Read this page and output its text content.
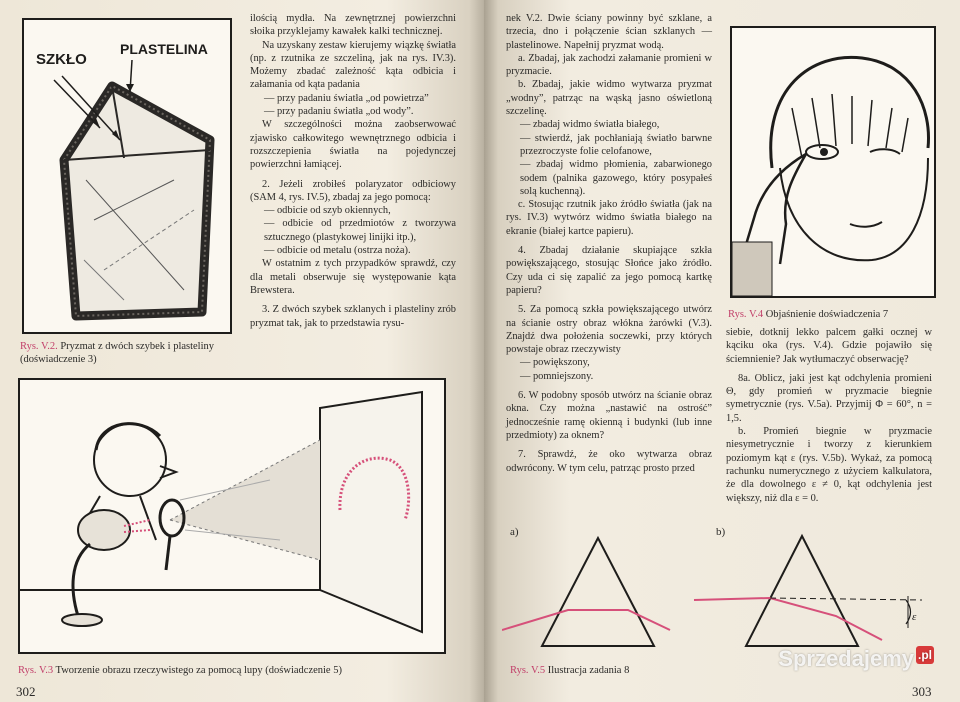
SZKŁO
PLASTELINA
Rys. V.2. Pryzmat z dwóch szybek i plasteliny (doświadczenie 3)

ilością mydła. Na zewnętrznej powierzchni słoika przyklejamy kawałek kalki technicznej.

Na uzyskany zestaw kierujemy wiązkę światła (np. z rzutnika ze szczeliną, jak na rys. IV.3). Możemy zbadać zależność kąta odbicia i załamania od kąta padania

— przy padaniu światła „od powietrza”

— przy padaniu światła „od wody”.

W szczególności można zaobserwować zjawisko całkowitego wewnętrznego odbicia i rozszczepienia światła na pojedynczej powierzchni łamiącej.

2. Jeżeli zrobiłeś polaryzator odbiciowy (SAM 4, rys. IV.5), zbadaj za jego pomocą:

— odbicie od szyb okiennych,

— odbicie od przedmiotów z tworzywa sztucznego (plastykowej linijki itp.),

— odbicie od metalu (ostrza noża).

W ostatnim z tych przypadków sprawdź, czy dla metali obserwuje się występowanie kąta Brewstera.

3. Z dwóch szybek szklanych i plasteliny zrób pryzmat tak, jak to przedstawia rysu-

Rys. V.3 Tworzenie obrazu rzeczywistego za pomocą lupy (doświadczenie 5)
302

nek V.2. Dwie ściany powinny być szklane, a trzecia, dno i połączenie ścian szklanych — plastelinowe. Napełnij pryzmat wodą.

a. Zbadaj, jak zachodzi załamanie promieni w pryzmacie.

b. Zbadaj, jakie widmo wytwarza pryzmat „wodny”, patrząc na wąską jasno oświetloną szczelinę.

— zbadaj widmo światła białego,

— stwierdź, jak pochłaniają światło barwne przezroczyste folie celofanowe,

— zbadaj widmo płomienia, zabarwionego sodem (palnika gazowego, który posypałeś solą kuchenną).

c. Stosując rzutnik jako źródło światła (jak na rys. IV.3) wytwórz widmo światła białego na ekranie (białej kartce papieru).

4. Zbadaj działanie skupiające szkła powiększającego, stosując Słońce jako źródło. Czy uda ci się zapalić za jego pomocą kartkę papieru?

5. Za pomocą szkła powiększającego utwórz na ścianie ostry obraz włókna żarówki (V.3). Znajdź dwa położenia soczewki, przy których powstaje obraz rzeczywisty

— powiększony,

— pomniejszony.

6. W podobny sposób utwórz na ścianie obraz okna. Czy można „nastawić na ostrość” jednocześnie ramę okienną i budynki (lub inne przedmioty) za oknem?

7. Sprawdź, że oko wytwarza obraz odwrócony. W tym celu, patrząc prosto przed

Rys. V.4 Objaśnienie doświadczenia 7

siebie, dotknij lekko palcem gałki ocznej w kąciku oka (rys. V.4). Gdzie pojawiło się ściemnienie? Jak wytłumaczyć obserwację?

8a. Oblicz, jaki jest kąt odchylenia promieni Θ, gdy promień w pryzmacie biegnie symetrycznie (rys. V.5a). Przyjmij Φ = 60°, n = 1,5.

b. Promień biegnie w pryzmacie niesymetrycznie i tworzy z kierunkiem poziomym kąt ε (rys. V.5b). Wykaż, za pomocą rachunku numerycznego z użyciem kalkulatora, że dla dowolnego ε ≠ 0, kąt odchylenia jest większy, niż dla ε = 0.

a)	b)
ε
Rys. V.5 Ilustracja zadania 8
303
Sprzedajemy .pl
